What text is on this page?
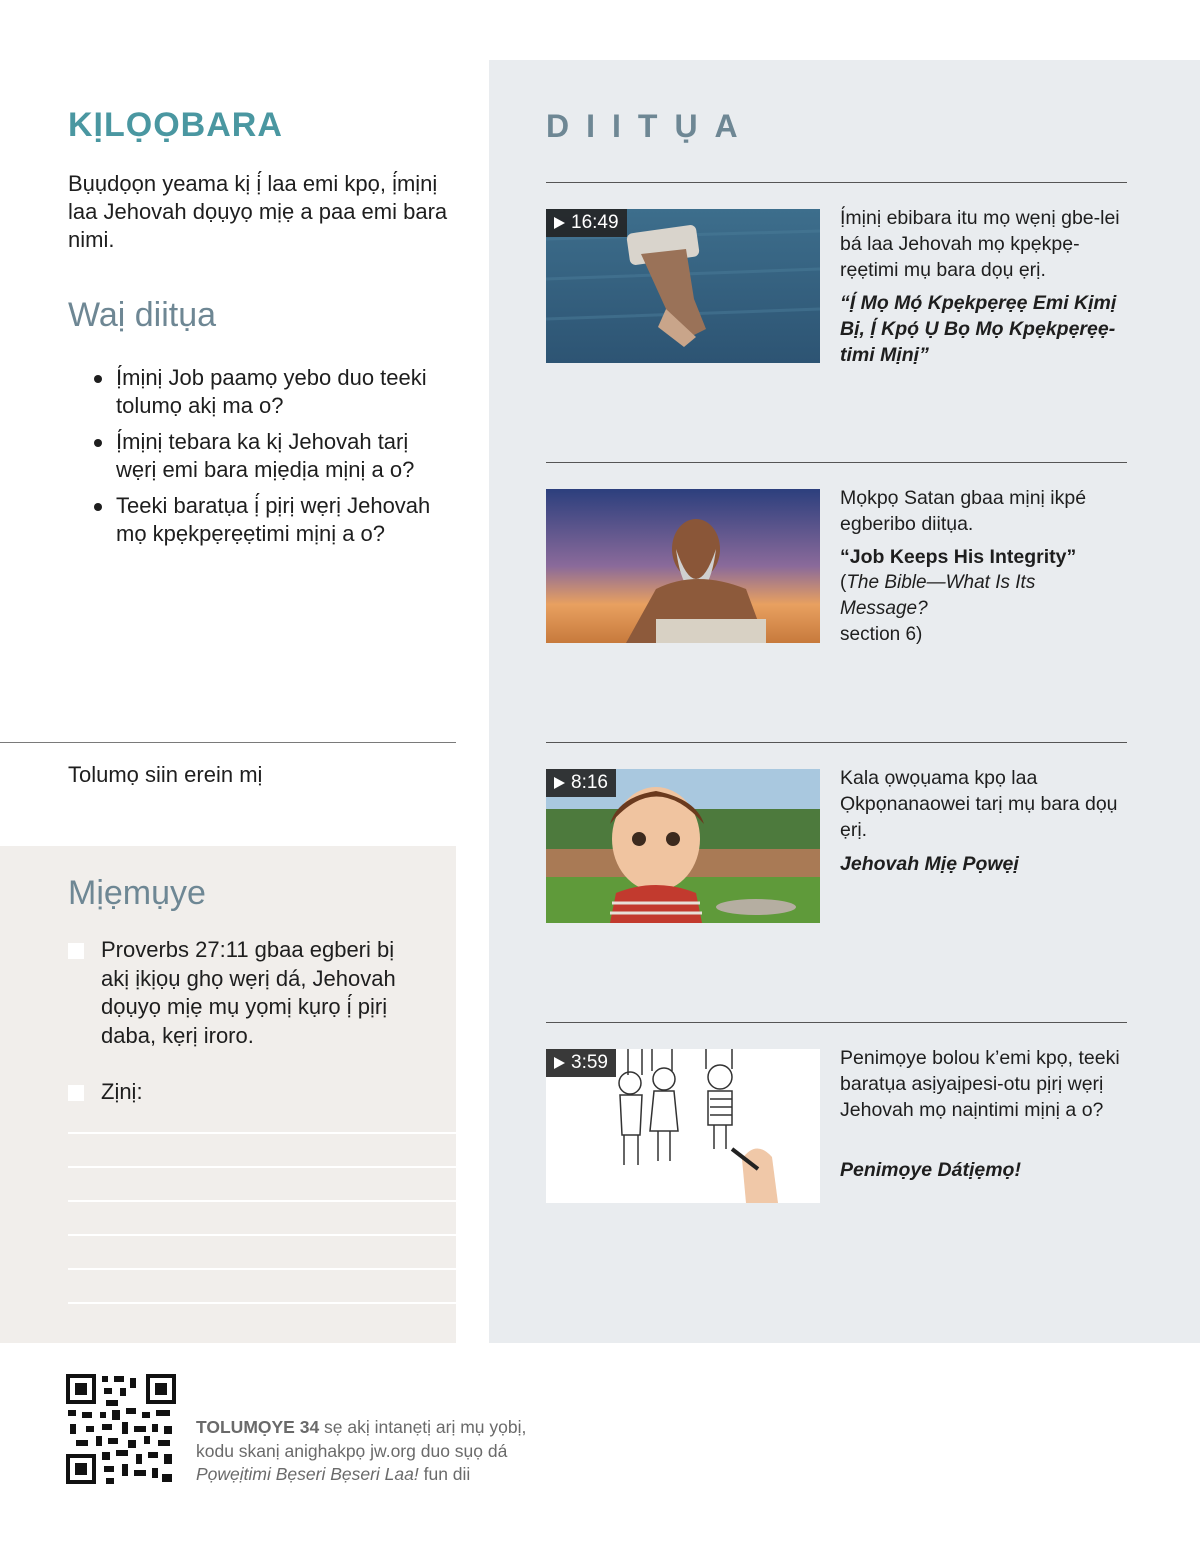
KỊLỌỌBARA

Bụụdọọn yeama kị ị́ laa emi kpọ, ị́mịnị laa Jehovah dọụyọ mịẹ a paa emi bara nimi.

Waị diitụa
Ị́mịnị Job paamọ yebo duo teeki tolumọ akị ma o?
Ị́mịnị tebara ka kị Jehovah tarị wẹrị emi bara mịẹdịa mịnị a o?
Teeki baratụa ị́ pịrị wẹrị Jehovah mọ kpẹkpẹrẹẹtimi mịnị a o?
Tolumọ siin erein mị
Mịẹmụye
Proverbs 27:11 gbaa egberi bị akị ịkịọụ ghọ wẹrị dá, Jehovah dọụyọ mịẹ mụ yọmị kụrọ ị́ pịrị daba, kẹrị iroro.
Zịnị:
DIITỤA
16:49	Ị́mịnị ebibara itu mọ wẹnị gbe-lei bá laa Jehovah mọ kpẹkpẹ-rẹẹtimi mụ bara dọụ ẹrị.
“Ị́ Mọ Mọ́ Kpẹkpẹrẹẹ Emi Kịmị Bị, Ị́ Kpọ́ Ụ Bọ Mọ Kpẹkpẹrẹẹ-timi Mịnị”
Mọkpọ Satan gbaa mịnị ikpé egberibo diitụa.
“Job Keeps His Integrity”
(The Bible—What Is Its Message?
section 6)
8:16	Kala ọwọụama kpọ laa Ọkpọnanaowei tarị mụ bara dọụ ẹrị.
Jehovah Mịẹ Pọwẹị
3:59	Penimọye bolou k’emi kpọ, teeki baratụa asịyaịpesi-otu pịrị wẹrị Jehovah mọ naịntimi mịnị a o?
Penimọye Dátịẹmọ!
TOLUMỌYE 34 sẹ akị intanẹtị arị mụ yọbị,
kodu skanị anighakpọ jw.org duo sụọ dá
Pọwẹịtimi Bẹseri Bẹseri Laa! fun dii
